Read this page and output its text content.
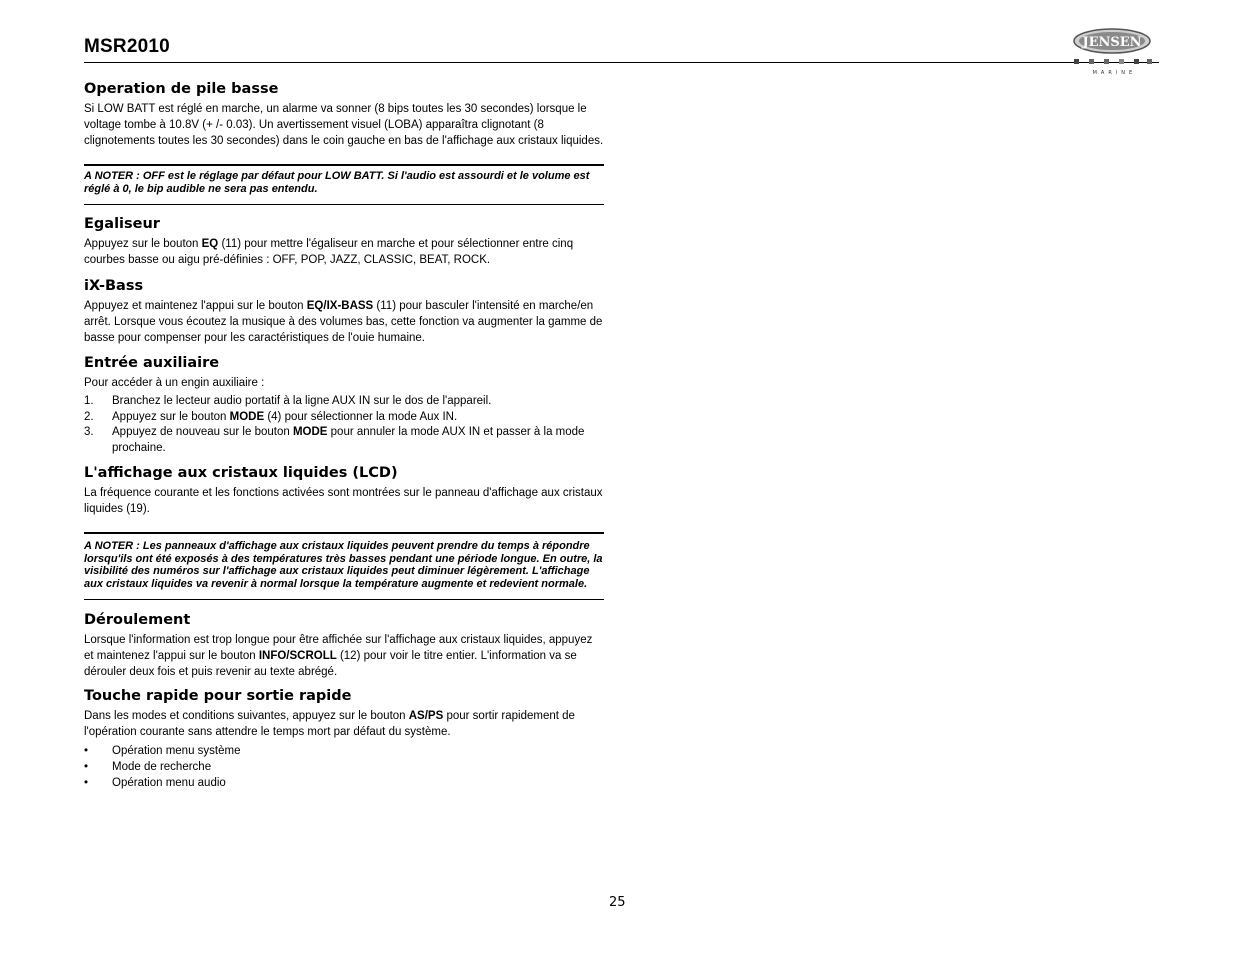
MSR2010	JENSEN
M A R I N E
Operation de pile basse

Si LOW BATT est réglé en marche, un alarme va sonner (8 bips toutes les 30 secondes) lorsque le voltage tombe à 10.8V (+ /- 0.03). Un avertissement visuel (LOBA) apparaîtra clignotant (8 clignotements toutes les 30 secondes) dans le coin gauche en bas de l'affichage aux cristaux liquides.

A NOTER : OFF est le réglage par défaut pour LOW BATT. Si l'audio est assourdi et le volume est réglé à 0, le bip audible ne sera pas entendu.
Egaliseur

Appuyez sur le bouton EQ (11) pour mettre l'égaliseur en marche et pour sélectionner entre cinq courbes basse ou aigu pré-définies : OFF, POP, JAZZ, CLASSIC, BEAT, ROCK.

iX-Bass

Appuyez et maintenez l'appui sur le bouton EQ/IX-BASS (11) pour basculer l'intensité en marche/en arrêt. Lorsque vous écoutez la musique à des volumes bas, cette fonction va augmenter la gamme de basse pour compenser pour les caractéristiques de l'ouie humaine.

Entrée auxiliaire

Pour accéder à un engin auxiliaire :

1. Branchez le lecteur audio portatif à la ligne AUX IN sur le dos de l'appareil.
2. Appuyez sur le bouton MODE (4) pour sélectionner la mode Aux IN.
3. Appuyez de nouveau sur le bouton MODE pour annuler la mode AUX IN et passer à la mode prochaine.
L'affichage aux cristaux liquides (LCD)

La fréquence courante et les fonctions activées sont montrées sur le panneau d'affichage aux cristaux liquides (19).

A NOTER : Les panneaux d'affichage aux cristaux liquides peuvent prendre du temps à répondre lorsqu'ils ont été exposés à des températures très basses pendant une période longue. En outre, la visibilité des numéros sur l'affichage aux cristaux liquides peut diminuer légèrement. L'affichage aux cristaux liquides va revenir à normal lorsque la température augmente et redevient normale.
Déroulement

Lorsque l'information est trop longue pour être affichée sur l'affichage aux cristaux liquides, appuyez et maintenez l'appui sur le bouton INFO/SCROLL (12) pour voir le titre entier. L'information va se dérouler deux fois et puis revenir au texte abrégé.

Touche rapide pour sortie rapide

Dans les modes et conditions suivantes, appuyez sur le bouton AS/PS pour sortir rapidement de l'opération courante sans attendre le temps mort par défaut du système.

• Opération menu système
• Mode de recherche
• Opération menu audio
25
